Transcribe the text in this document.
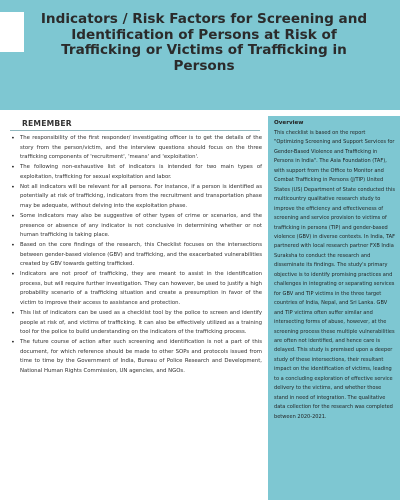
Indicators / Risk Factors for Screening and Identification of Persons at Risk of Trafficking or Victims of Trafficking in Persons
REMEMBER
• The responsibility of the first responder/ investigating officer is to get the details of the story from the person/victim, and the interview questions should focus on the three trafficking components of 'recruitment', 'means' and 'exploitation'.
• The following non-exhaustive list of indicators is intended for two main types of exploitation, trafficking for sexual exploitation and labor.
• Not all indicators will be relevant for all persons. For instance, if a person is identified as potentially at risk of trafficking, indicators from the recruitment and transportation phase may be adequate, without delving into the exploitation phase.
• Some indicators may also be suggestive of other types of crime or scenarios, and the presence or absence of any indicator is not conclusive in determining whether or not human trafficking is taking place.
• Based on the core findings of the research, this Checklist focuses on the intersections between gender-based violence (GBV) and trafficking, and the exacerbated vulnerabilities created by GBV towards getting trafficked.
• Indicators are not proof of trafficking, they are meant to assist in the identification process, but will require further investigation. They can however, be used to justify a high probability scenario of a trafficking situation and create a presumption in favor of the victim to improve their access to assistance and protection.
• This list of indicators can be used as a checklist tool by the police to screen and identify people at risk of, and victims of trafficking. It can also be effectively utilized as a training tool for the police to build understanding on the indicators of the trafficking process.
• The future course of action after such screening and identification is not a part of this document, for which reference should be made to other SOPs and protocols issued from time to time by the Government of India, Bureau of Police Research and Development, National Human Rights Commission, UN agencies, and NGOs.
Overview

This checklist is based on the report "Optimizing Screening and Support Services for Gender-Based Violence and Trafficking in Persons in India". The Asia Foundation (TAF), with support from the Office to Monitor and Combat Trafficking in Persons (J/TIP) United States (US) Department of State conducted this multicountry qualitative research study to improve the efficiency and effectiveness of screening and service provision to victims of trafficking in persons (TIP) and gender-based violence (GBV) in diverse contexts. In India, TAF partnered with local research partner FXB India Suraksha to conduct the research and disseminate its findings. The study's primary objective is to identify promising practices and challenges in integrating or separating services for GBV and TIP victims in the three target countries of India, Nepal, and Sri Lanka. GBV and TIP victims often suffer similar and intersecting forms of abuse, however, at the screening process these multiple vulnerabilities are often not identified, and hence care is delayed. This study is premised upon a deeper study of these intersections, their resultant impact on the identification of victims, leading to a concluding exploration of effective service delivery to the victims, and whether those stand in need of integration. The qualitative data collection for the research was completed between 2020-2021.
